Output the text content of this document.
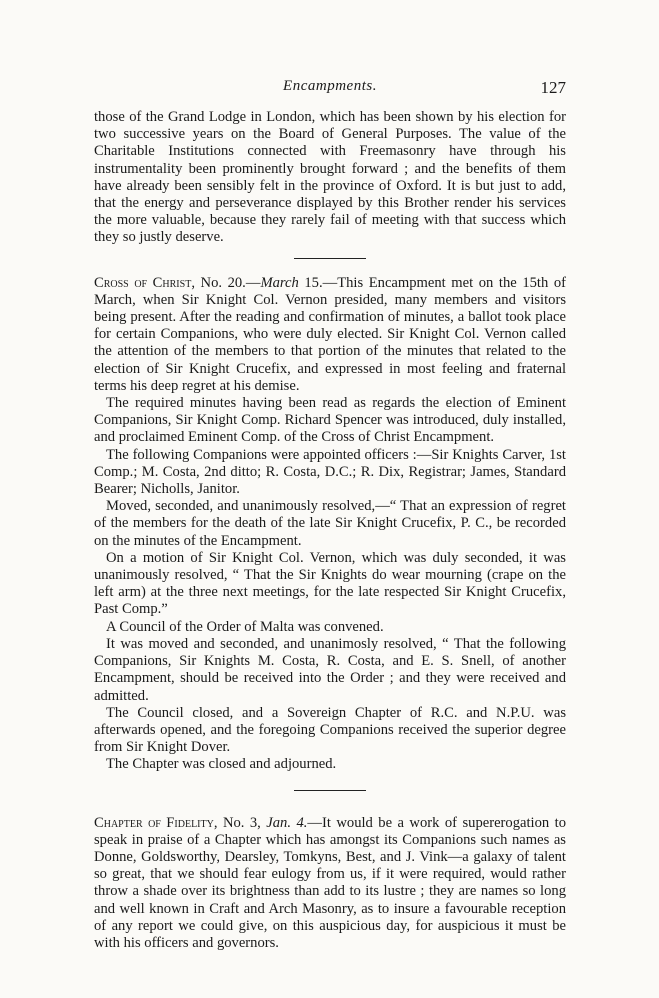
Encampments.	127

those of the Grand Lodge in London, which has been shown by his election for two successive years on the Board of General Purposes. The value of the Charitable Institutions connected with Freemasonry have through his instrumentality been prominently brought forward ; and the benefits of them have already been sensibly felt in the province of Oxford. It is but just to add, that the energy and perseverance displayed by this Brother render his services the more valuable, because they rarely fail of meeting with that success which they so justly deserve.

Cross of Christ, No. 20.—March 15.—This Encampment met on the 15th of March, when Sir Knight Col. Vernon presided, many members and visitors being present. After the reading and confirmation of minutes, a ballot took place for certain Companions, who were duly elected. Sir Knight Col. Vernon called the attention of the members to that portion of the minutes that related to the election of Sir Knight Crucefix, and expressed in most feeling and fraternal terms his deep regret at his demise.

The required minutes having been read as regards the election of Eminent Companions, Sir Knight Comp. Richard Spencer was introduced, duly installed, and proclaimed Eminent Comp. of the Cross of Christ Encampment.

The following Companions were appointed officers :—Sir Knights Carver, 1st Comp.; M. Costa, 2nd ditto; R. Costa, D.C.; R. Dix, Registrar; James, Standard Bearer; Nicholls, Janitor.

Moved, seconded, and unanimously resolved,—“ That an expression of regret of the members for the death of the late Sir Knight Crucefix, P. C., be recorded on the minutes of the Encampment.

On a motion of Sir Knight Col. Vernon, which was duly seconded, it was unanimously resolved, “ That the Sir Knights do wear mourning (crape on the left arm) at the three next meetings, for the late respected Sir Knight Crucefix, Past Comp.”

A Council of the Order of Malta was convened.

It was moved and seconded, and unanimosly resolved, “ That the following Companions, Sir Knights M. Costa, R. Costa, and E. S. Snell, of another Encampment, should be received into the Order ; and they were received and admitted.

The Council closed, and a Sovereign Chapter of R.C. and N.P.U. was afterwards opened, and the foregoing Companions received the superior degree from Sir Knight Dover.

The Chapter was closed and adjourned.

Chapter of Fidelity, No. 3, Jan. 4.—It would be a work of supererogation to speak in praise of a Chapter which has amongst its Companions such names as Donne, Goldsworthy, Dearsley, Tomkyns, Best, and J. Vink—a galaxy of talent so great, that we should fear eulogy from us, if it were required, would rather throw a shade over its brightness than add to its lustre ; they are names so long and well known in Craft and Arch Masonry, as to insure a favourable reception of any report we could give, on this auspicious day, for auspicious it must be with his officers and governors.
